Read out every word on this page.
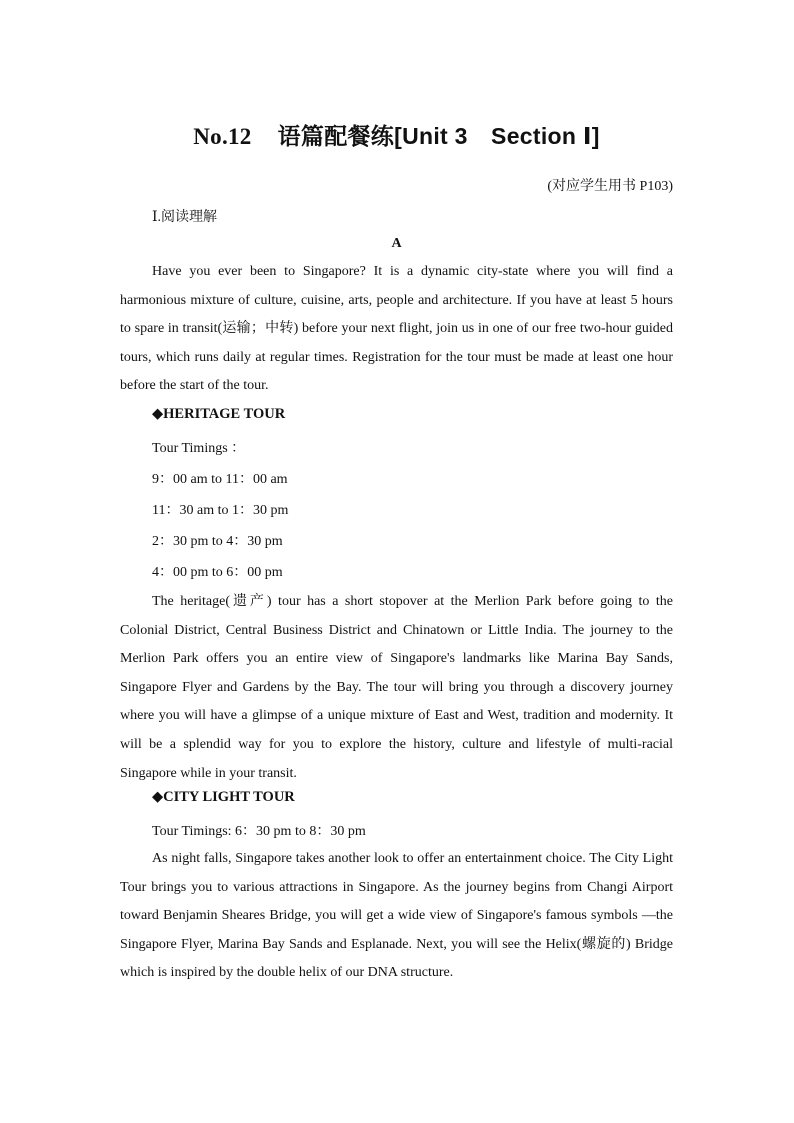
No.12 语篇配餐练[Unit 3　Section Ⅰ]
(对应学生用书 P103)
Ⅰ.阅读理解
A

Have you ever been to Singapore? It is a dynamic city-state where you will find a harmonious mixture of culture, cuisine, arts, people and architecture. If you have at least 5 hours to spare in transit(运输；中转) before your next flight, join us in one of our free two-hour guided tours, which runs daily at regular times. Registration for the tour must be made at least one hour before the start of the tour.

◆HERITAGE TOUR
Tour Timings ：
9：00 am to 11：00 am
11：30 am to 1：30 pm
2：30 pm to 4：30 pm
4：00 pm to 6：00 pm

The heritage(遗产) tour has a short stopover at the Merlion Park before going to the Colonial District, Central Business District and Chinatown or Little India. The journey to the Merlion Park offers you an entire view of Singapore's landmarks like Marina Bay Sands, Singapore Flyer and Gardens by the Bay. The tour will bring you through a discovery journey where you will have a glimpse of a unique mixture of East and West, tradition and modernity. It will be a splendid way for you to explore the history, culture and lifestyle of multi-racial Singapore while in your transit.

◆CITY LIGHT TOUR
Tour Timings: 6：30 pm to 8：30 pm

As night falls, Singapore takes another look to offer an entertainment choice. The City Light Tour brings you to various attractions in Singapore. As the journey begins from Changi Airport toward Benjamin Sheares Bridge, you will get a wide view of Singapore's famous symbols —the Singapore Flyer, Marina Bay Sands and Esplanade. Next, you will see the Helix(螺旋的) Bridge which is inspired by the double helix of our DNA structure.
